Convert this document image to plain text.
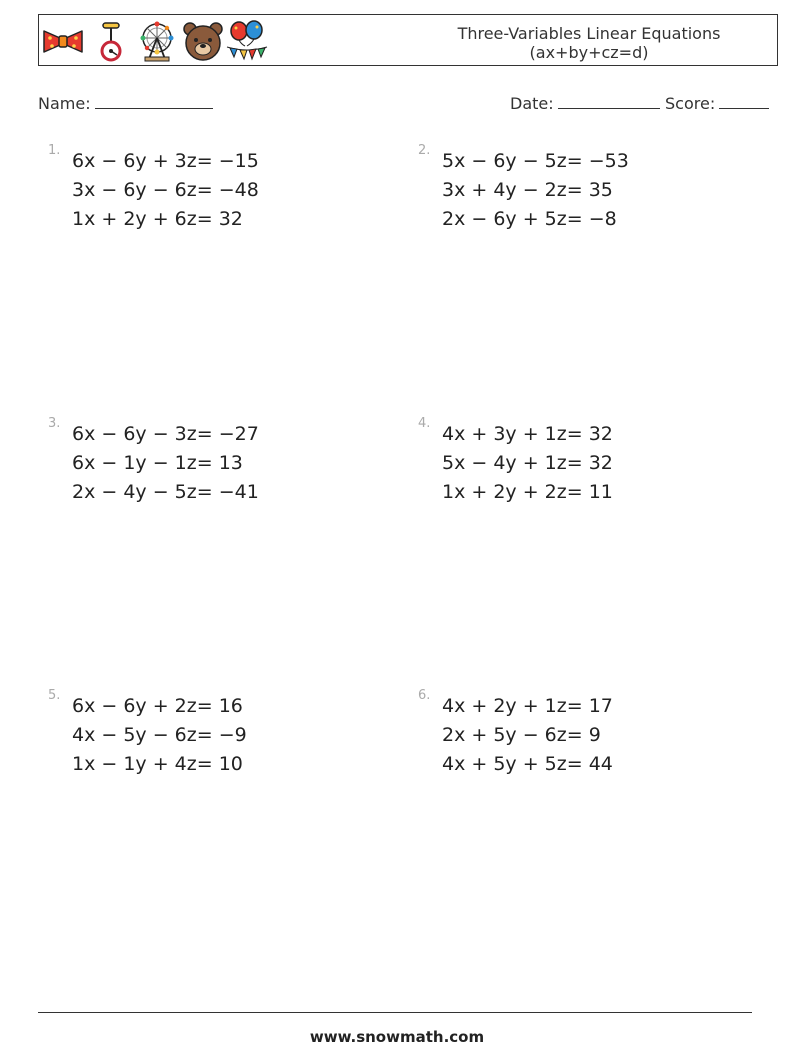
Three-Variables Linear Equations
(ax+by+cz=d)
Name:	Date:	Score:
1. 6x − 6y + 3z	= −15
3x − 6y − 6z	= −48
1x + 2y + 6z	= 32
2. 5x − 6y − 5z	= −53
3x + 4y − 2z	= 35
2x − 6y + 5z	= −8
3. 6x − 6y − 3z	= −27
6x − 1y − 1z	= 13
2x − 4y − 5z	= −41
4. 4x + 3y + 1z	= 32
5x − 4y + 1z	= 32
1x + 2y + 2z	= 11
5. 6x − 6y + 2z	= 16
4x − 5y − 6z	= −9
1x − 1y + 4z	= 10
6. 4x + 2y + 1z	= 17
2x + 5y − 6z	= 9
4x + 5y + 5z	= 44
www.snowmath.com
